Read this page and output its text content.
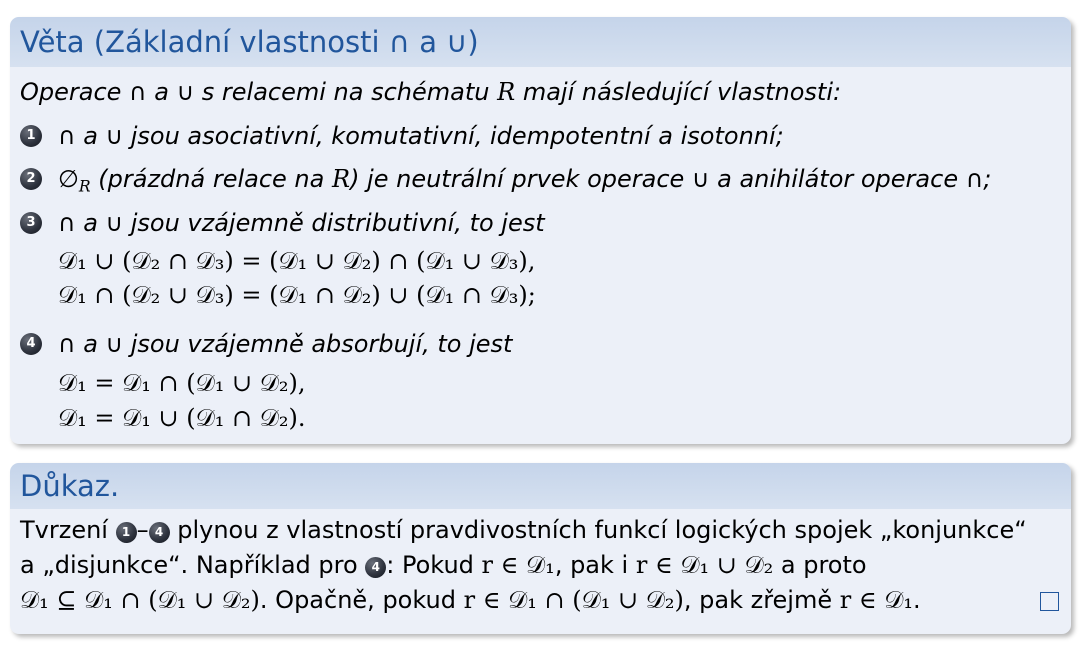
Věta (Základní vlastnosti ∩ a ∪)
Operace ∩ a ∪ s relacemi na schématu R mají následující vlastnosti:
1 ∩ a ∪ jsou asociativní, komutativní, idempotentní a isotonní;
2 $\emptyset_R$ (prázdná relace na R) je neutrální prvek operace ∪ a anihilátor operace ∩;
3 ∩ a ∪ jsou vzájemně distributivní, to jest
𝒟₁ ∪ (𝒟₂ ∩ 𝒟₃) = (𝒟₁ ∪ 𝒟₂) ∩ (𝒟₁ ∪ 𝒟₃),
𝒟₁ ∩ (𝒟₂ ∪ 𝒟₃) = (𝒟₁ ∩ 𝒟₂) ∪ (𝒟₁ ∩ 𝒟₃);
4 ∩ a ∪ jsou vzájemně absorbují, to jest
𝒟₁ = 𝒟₁ ∩ (𝒟₁ ∪ 𝒟₂),
𝒟₁ = 𝒟₁ ∪ (𝒟₁ ∩ 𝒟₂).
Důkaz.
Tvrzení 1 – 4 plynou z vlastností pravdivostních funkcí logických spojek „konjunkce“
a „disjunkce“. Například pro 4 : Pokud r ∈ 𝒟₁, pak i r ∈ 𝒟₁ ∪ 𝒟₂ a proto
𝒟₁ ⊆ 𝒟₁ ∩ (𝒟₁ ∪ 𝒟₂). Opačně, pokud r ∈ 𝒟₁ ∩ (𝒟₁ ∪ 𝒟₂), pak zřejmě r ∈ 𝒟₁.
